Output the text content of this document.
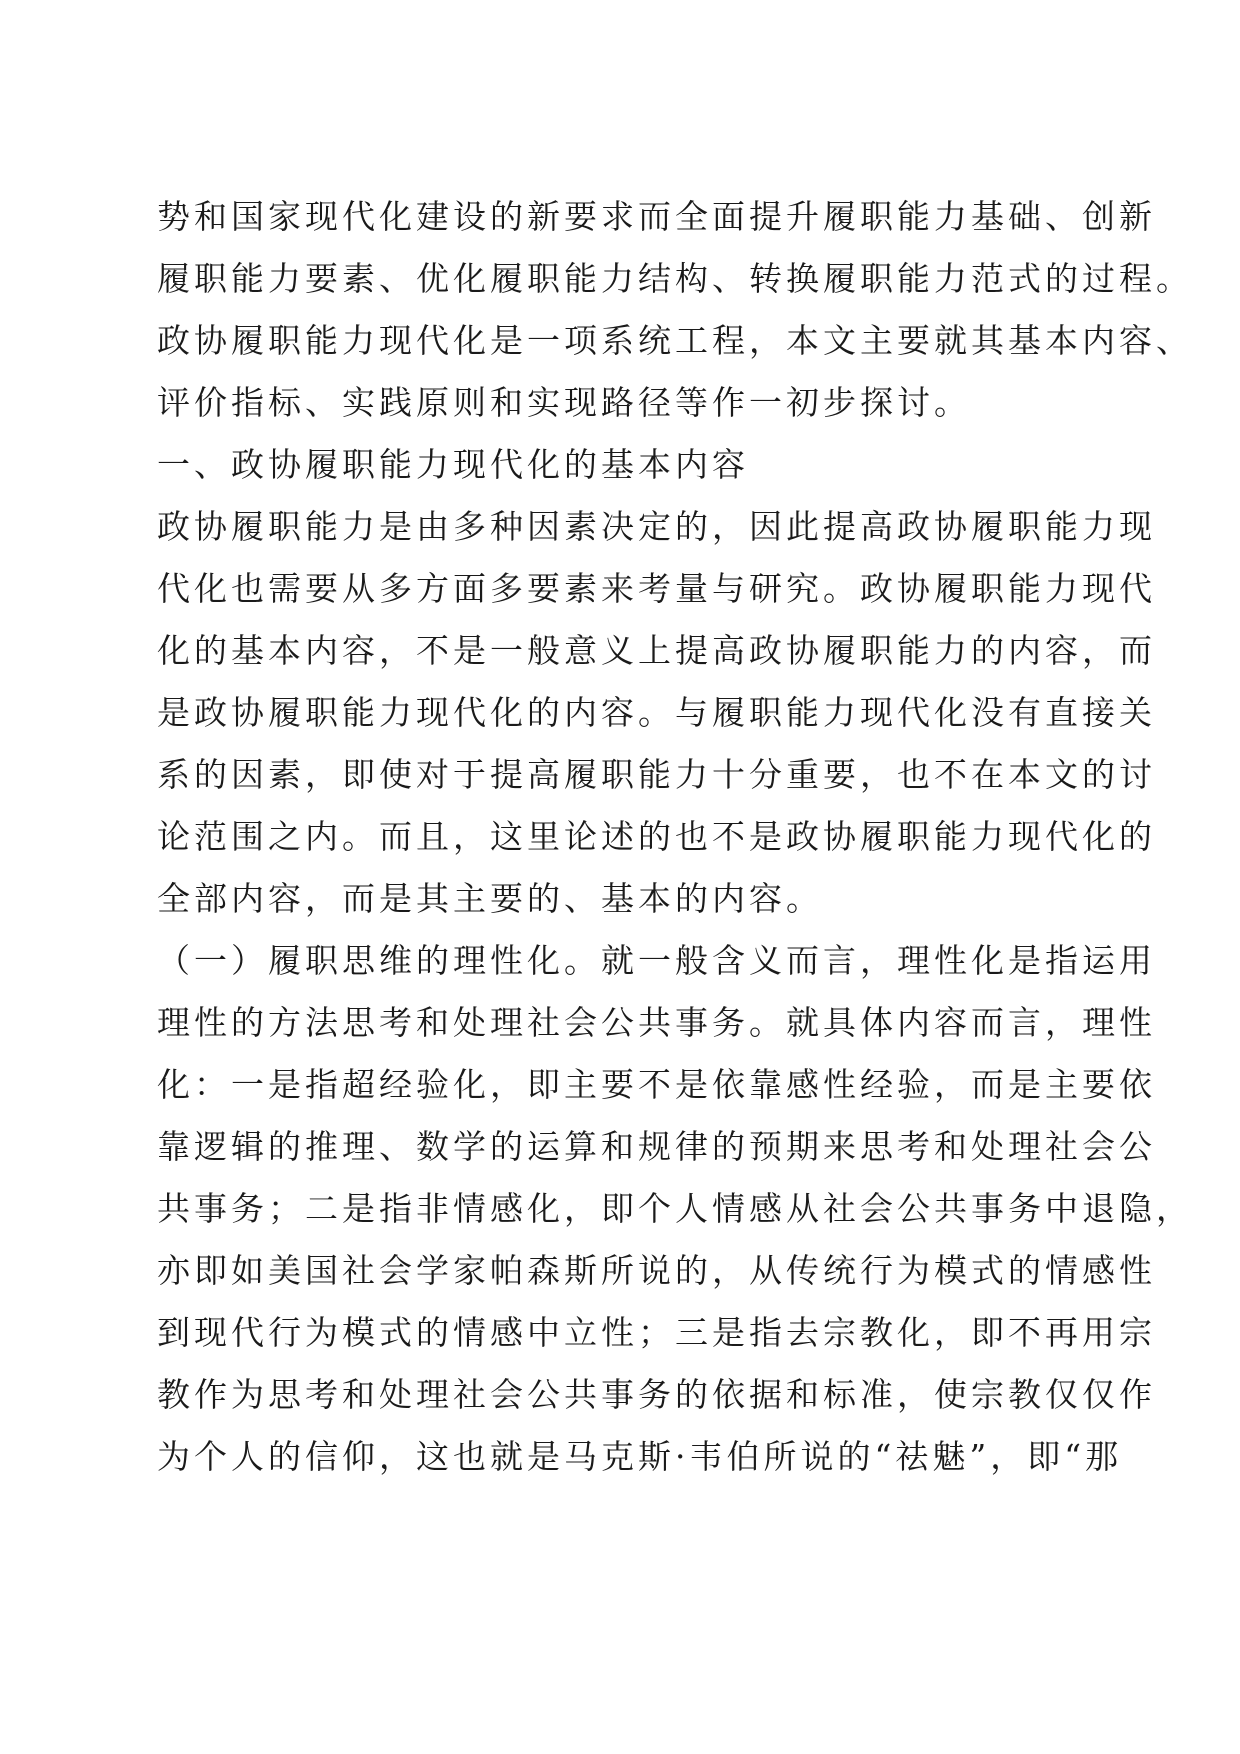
势和国家现代化建设的新要求而全面提升履职能力基础、创新
履职能力要素、优化履职能力结构、转换履职能力范式的过程。
政协履职能力现代化是一项系统工程，本文主要就其基本内容、
评价指标、实践原则和实现路径等作一初步探讨。
一、政协履职能力现代化的基本内容
政协履职能力是由多种因素决定的，因此提高政协履职能力现
代化也需要从多方面多要素来考量与研究。政协履职能力现代
化的基本内容，不是一般意义上提高政协履职能力的内容，而
是政协履职能力现代化的内容。与履职能力现代化没有直接关
系的因素，即使对于提高履职能力十分重要，也不在本文的讨
论范围之内。而且，这里论述的也不是政协履职能力现代化的
全部内容，而是其主要的、基本的内容。
（一）履职思维的理性化。就一般含义而言，理性化是指运用
理性的方法思考和处理社会公共事务。就具体内容而言，理性
化：一是指超经验化，即主要不是依靠感性经验，而是主要依
靠逻辑的推理、数学的运算和规律的预期来思考和处理社会公
共事务；二是指非情感化，即个人情感从社会公共事务中退隐，
亦即如美国社会学家帕森斯所说的，从传统行为模式的情感性
到现代行为模式的情感中立性；三是指去宗教化，即不再用宗
教作为思考和处理社会公共事务的依据和标准，使宗教仅仅作
为个人的信仰，这也就是马克斯·韦伯所说的“祛魅”，即“那
